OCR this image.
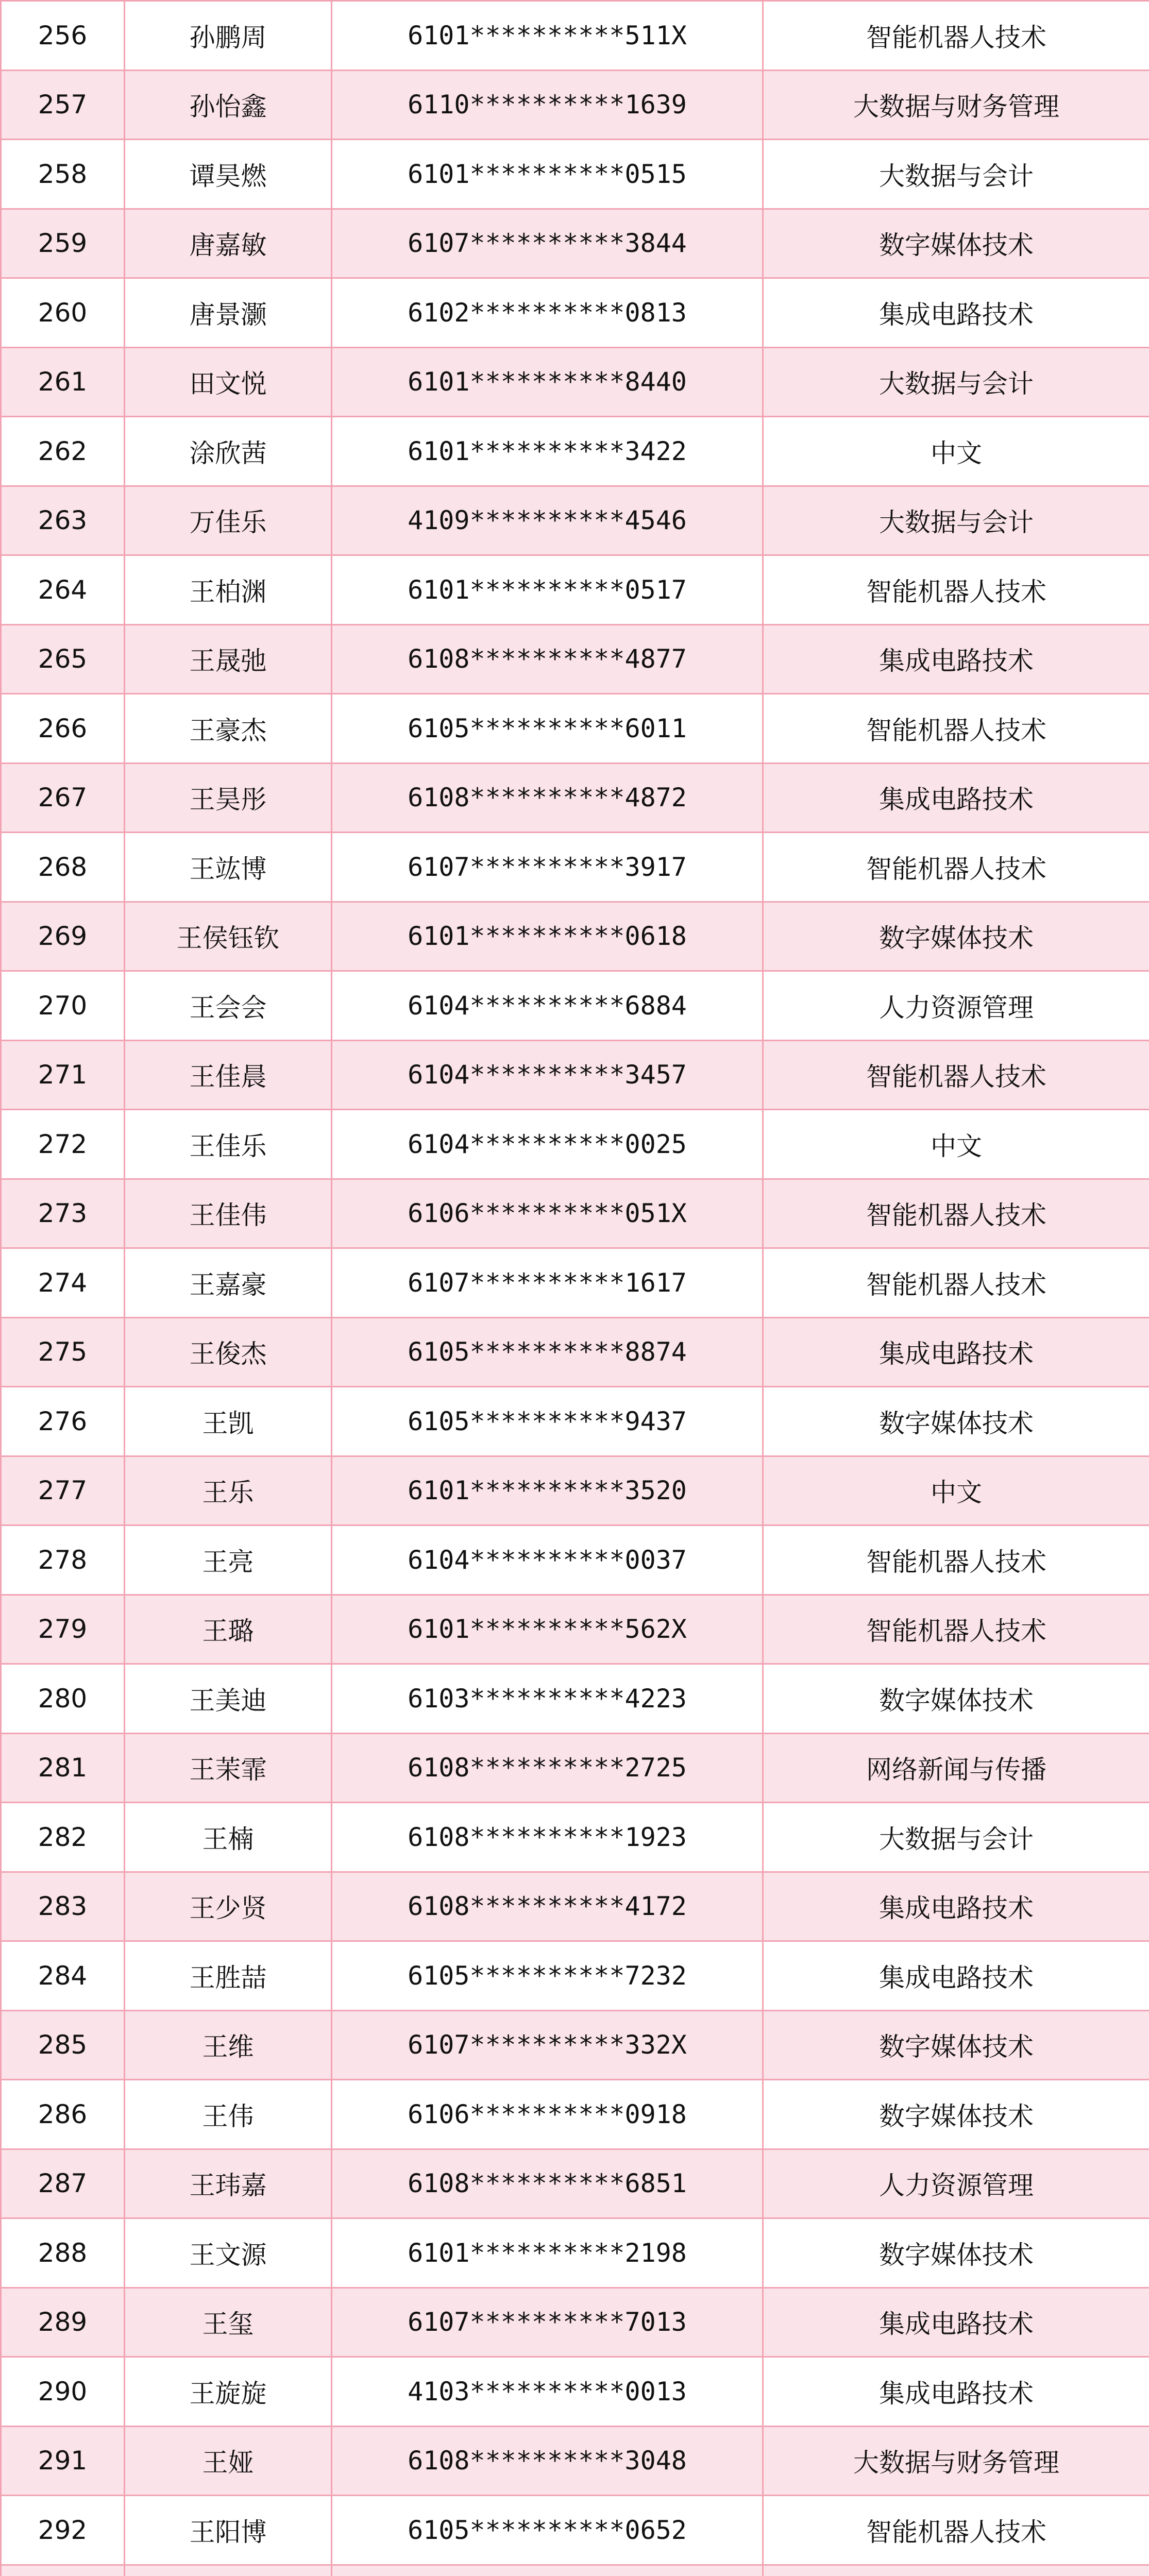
256	孙鹏周	6101**********511X	智能机器人技术
257	孙怡鑫	6110**********1639	大数据与财务管理
258	谭昊燃	6101**********0515	大数据与会计
259	唐嘉敏	6107**********3844	数字媒体技术
260	唐景灏	6102**********0813	集成电路技术
261	田文悦	6101**********8440	大数据与会计
262	涂欣茜	6101**********3422	中文
263	万佳乐	4109**********4546	大数据与会计
264	王柏渊	6101**********0517	智能机器人技术
265	王晟弛	6108**********4877	集成电路技术
266	王豪杰	6105**********6011	智能机器人技术
267	王昊彤	6108**********4872	集成电路技术
268	王竑博	6107**********3917	智能机器人技术
269	王侯钰钦	6101**********0618	数字媒体技术
270	王会会	6104**********6884	人力资源管理
271	王佳晨	6104**********3457	智能机器人技术
272	王佳乐	6104**********0025	中文
273	王佳伟	6106**********051X	智能机器人技术
274	王嘉豪	6107**********1617	智能机器人技术
275	王俊杰	6105**********8874	集成电路技术
276	王凯	6105**********9437	数字媒体技术
277	王乐	6101**********3520	中文
278	王亮	6104**********0037	智能机器人技术
279	王璐	6101**********562X	智能机器人技术
280	王美迪	6103**********4223	数字媒体技术
281	王茉霏	6108**********2725	网络新闻与传播
282	王楠	6108**********1923	大数据与会计
283	王少贤	6108**********4172	集成电路技术
284	王胜喆	6105**********7232	集成电路技术
285	王维	6107**********332X	数字媒体技术
286	王伟	6106**********0918	数字媒体技术
287	王玮嘉	6108**********6851	人力资源管理
288	王文源	6101**********2198	数字媒体技术
289	王玺	6107**********7013	集成电路技术
290	王旋旋	4103**********0013	集成电路技术
291	王娅	6108**********3048	大数据与财务管理
292	王阳博	6105**********0652	智能机器人技术
